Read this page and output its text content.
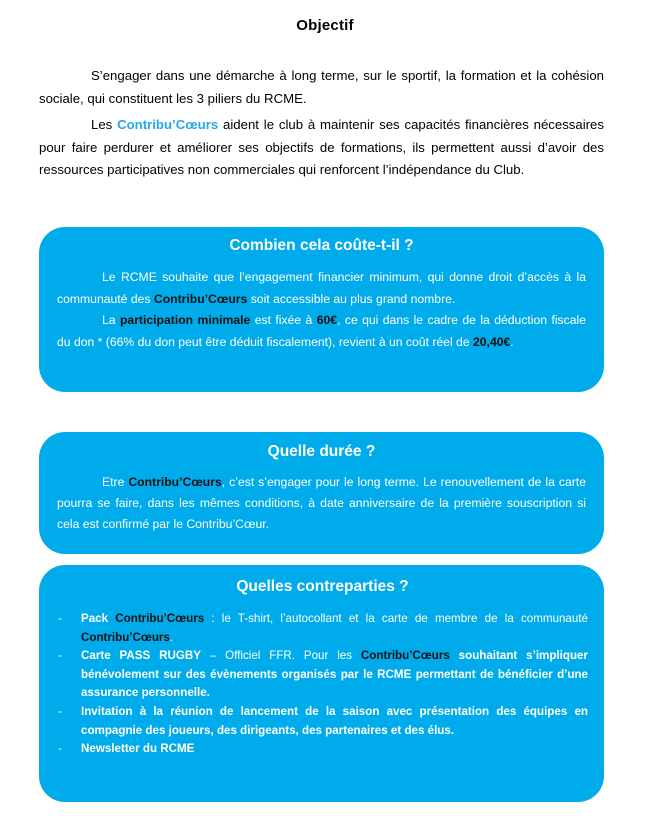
Objectif

S’engager dans une démarche à long terme, sur le sportif, la formation et la cohésion sociale, qui constituent les 3 piliers du RCME.

Les Contribu’Cœurs aident le club à maintenir ses capacités financières nécessaires pour faire perdurer et améliorer ses objectifs de formations, ils permettent aussi d’avoir des ressources participatives non commerciales qui renforcent l’indépendance du Club.

Combien cela coûte-t-il ?

Le RCME souhaite que l’engagement financier minimum, qui donne droit d’accès à la communauté des Contribu’Cœurs soit accessible au plus grand nombre.

La participation minimale est fixée à 60€, ce qui dans le cadre de la déduction fiscale du don * (66% du don peut être déduit fiscalement), revient à un coût réel de 20,40€.

Quelle durée ?

Etre Contribu’Cœurs, c’est s’engager pour le long terme. Le renouvellement de la carte pourra se faire, dans les mêmes conditions, à date anniversaire de la première souscription si cela est confirmé par le Contribu’Cœur.

Quelles contreparties ?
- Pack Contribu’Cœurs : le T-shirt, l’autocollant et la carte de membre de la communauté Contribu’Cœurs.
- Carte PASS RUGBY – Officiel FFR. Pour les Contribu’Cœurs souhaitant s’impliquer bénévolement sur des évènements organisés par le RCME permettant de bénéficier d’une assurance personnelle.
- Invitation à la réunion de lancement de la saison avec présentation des équipes en compagnie des joueurs, des dirigeants, des partenaires et des élus.
- Newsletter du RCME
